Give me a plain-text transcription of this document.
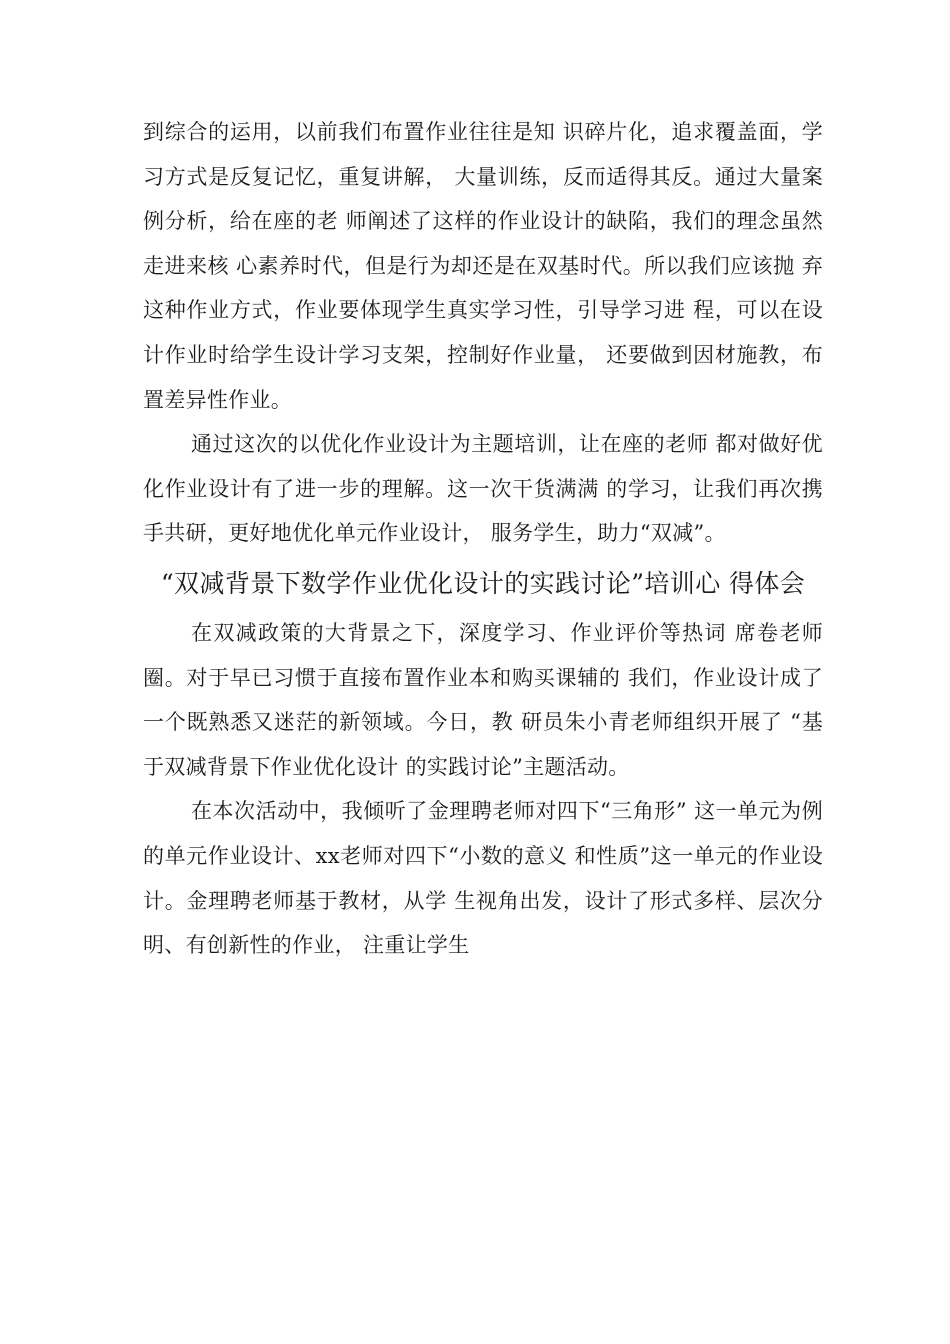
到综合的运用，以前我们布置作业往往是知 识碎片化，追求覆盖面，学习方式是反复记忆，重复讲解， 大量训练，反而适得其反。通过大量案例分析，给在座的老 师阐述了这样的作业设计的缺陷，我们的理念虽然走进来核 心素养时代，但是行为却还是在双基时代。所以我们应该抛 弃这种作业方式，作业要体现学生真实学习性，引导学习进 程，可以在设计作业时给学生设计学习支架，控制好作业量， 还要做到因材施教，布置差异性作业。

通过这次的以优化作业设计为主题培训，让在座的老师 都对做好优化作业设计有了进一步的理解。这一次干货满满 的学习，让我们再次携手共研，更好地优化单元作业设计， 服务学生，助力“双减”。

“双减背景下数学作业优化设计的实践讨论”培训心 得体会

在双减政策的大背景之下，深度学习、作业评价等热词 席卷老师圈。对于早已习惯于直接布置作业本和购买课辅的 我们，作业设计成了一个既熟悉又迷茫的新领域。今日，教 研员朱小青老师组织开展了 “基于双减背景下作业优化设计 的实践讨论”主题活动。

在本次活动中，我倾听了金理聘老师对四下“三角形” 这一单元为例的单元作业设计、xx老师对四下“小数的意义 和性质”这一单元的作业设计。金理聘老师基于教材，从学 生视角出发，设计了形式多样、层次分明、有创新性的作业， 注重让学生
